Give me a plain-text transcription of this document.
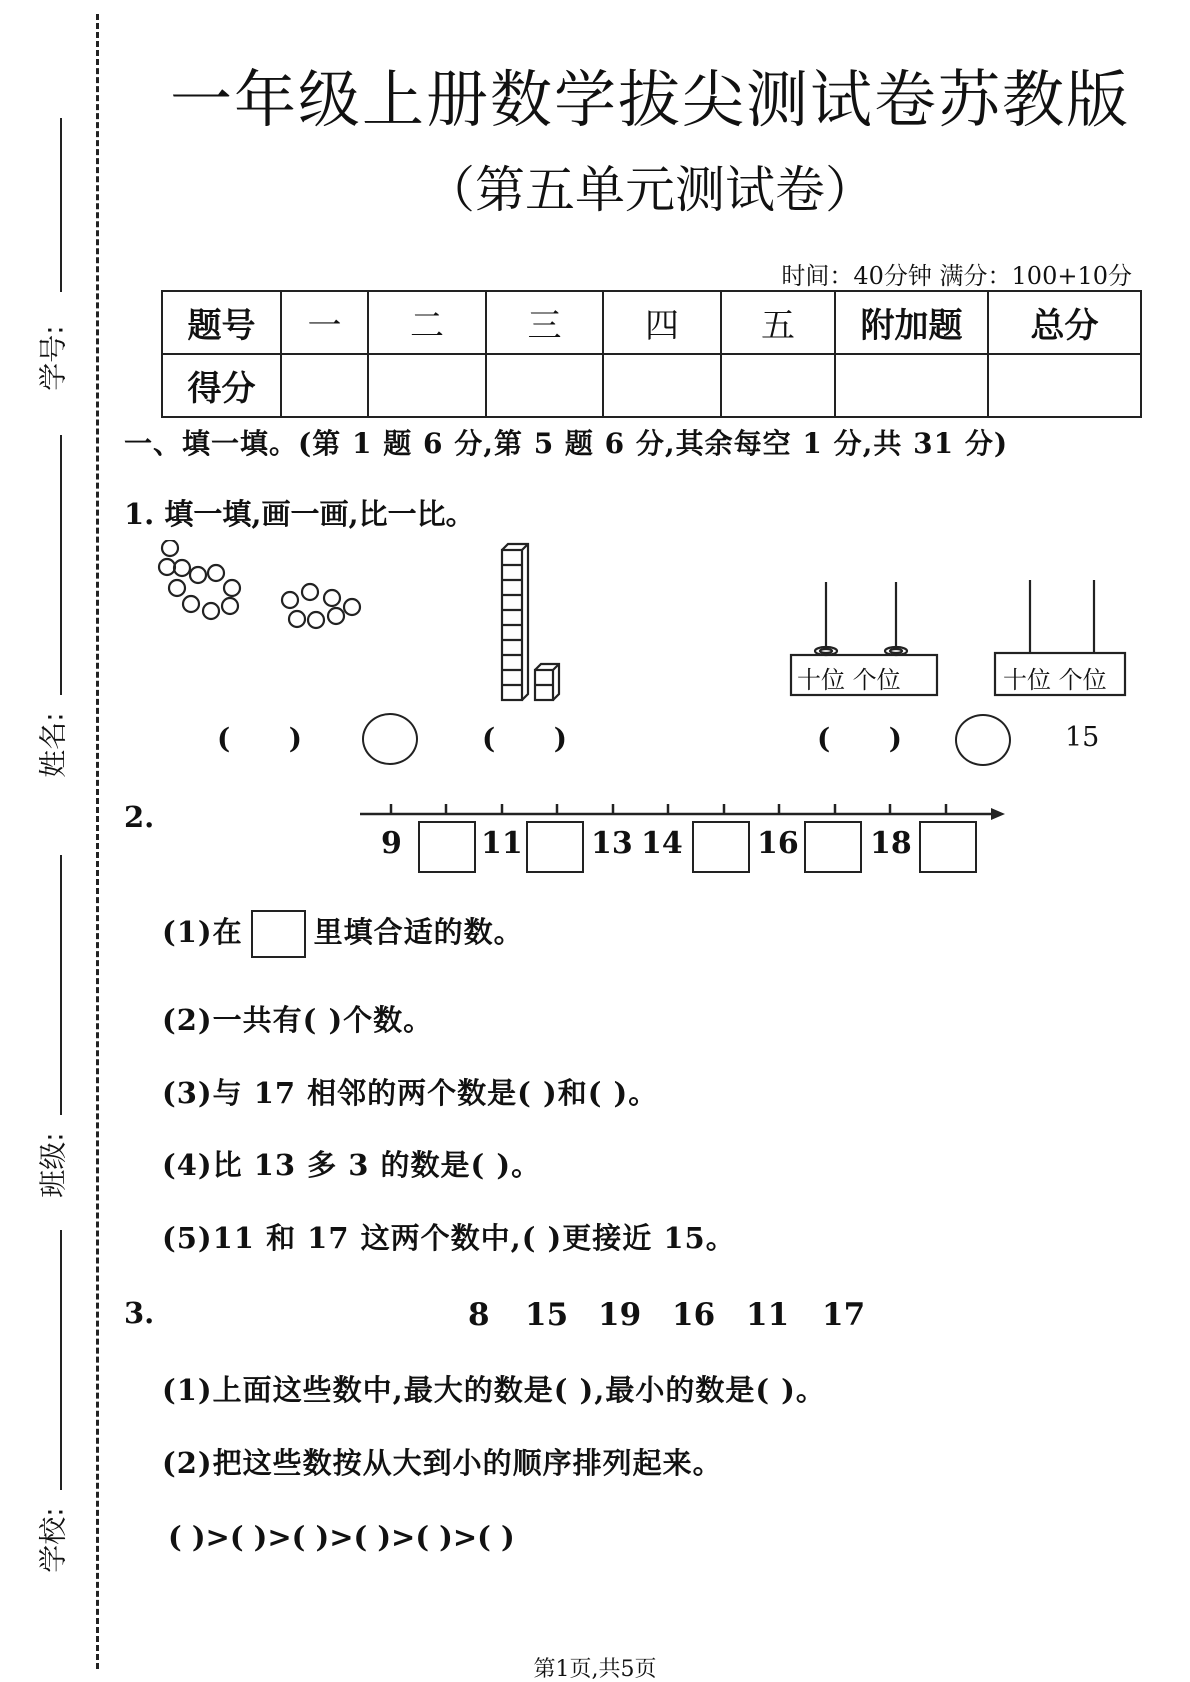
学号:
姓名:
班级:
学校:
一年级上册数学拔尖测试卷苏教版
（第五单元测试卷）
时间：40分钟 满分：100+10分
题号	一	二	三	四	五	附加题	总分
得分							
一、填一填。(第 1 题 6 分,第 5 题 6 分,其余每空 1 分,共 31 分)
1. 填一填,画一画,比一比。
十位 个位	十位 个位
(      )	(      )	(      )	15
2.
9	11 13 14 16 18
(1)在 里填合适的数。
(2)一共有( )个数。
(3)与 17 相邻的两个数是( )和( )。
(4)比 13 多 3 的数是( )。
(5)11 和 17 这两个数中,( )更接近 15。
3.	8 15 19 16 11 17
(1)上面这些数中,最大的数是( ),最小的数是( )。
(2)把这些数按从大到小的顺序排列起来。
( )>( )>( )>( )>( )>( )
第1页,共5页
